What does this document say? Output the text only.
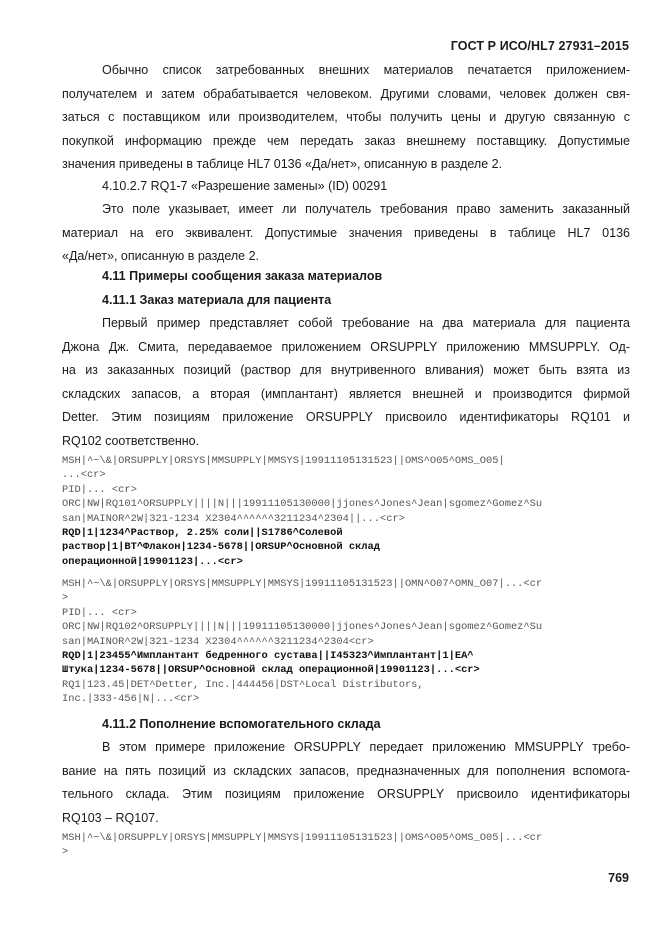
ГОСТ Р ИСО/HL7 27931–2015
Обычно список затребованных внешних материалов печатается приложением-
получателем и затем обрабатывается человеком. Другими словами, человек должен свя-
заться с поставщиком или производителем, чтобы получить цены и другую связанную с
покупкой информацию прежде чем передать заказ внешнему поставщику. Допустимые
значения приведены в таблице HL7 0136 «Да/нет», описанную в разделе 2.
4.10.2.7 RQ1-7 «Разрешение замены» (ID) 00291
Это поле указывает, имеет ли получатель требования право заменить заказанный
материал на его эквивалент. Допустимые значения приведены в таблице HL7 0136
«Да/нет», описанную в разделе 2.
4.11 Примеры сообщения заказа материалов
4.11.1 Заказ материала для пациента
Первый пример представляет собой требование на два материала для пациента
Джона Дж. Смита, передаваемое приложением ORSUPPLY приложению MMSUPPLY. Од-
на из заказанных позиций (раствор для внутривенного вливания) может быть взята из
складских запасов, а вторая (имплантант) является внешней и производится фирмой
Detter. Этим позициям приложение ORSUPPLY присвоило идентификаторы RQ101 и
RQ102 соответственно.
MSH|^~\&|ORSUPPLY|ORSYS|MMSUPPLY|MMSYS|19911105131523||OMS^O05^OMS_O05|
...<cr>
PID|... <cr>
ORC|NW|RQ101^ORSUPPLY||||N|||19911105130000|jjones^Jones^Jean|sgomez^Gomez^Su
san|MAINOR^2W|321-1234 X2304^^^^^^3211234^2304||...<cr>
RQD|1|1234^Раствор, 2.25% соли||S1786^Солевой
раствор|1|BT^Флакон|1234-5678||ORSUP^Основной склад
операционной|19901123|...<cr>
MSH|^~\&|ORSUPPLY|ORSYS|MMSUPPLY|MMSYS|19911105131523||OMN^O07^OMN_O07|...<cr
>
PID|... <cr>
ORC|NW|RQ102^ORSUPPLY||||N|||19911105130000|jjones^Jones^Jean|sgomez^Gomez^Su
san|MAINOR^2W|321-1234 X2304^^^^^^3211234^2304<cr>
RQD|1|23455^Имплантант бедренного сустава||I45323^Имплантант|1|EA^
Штука|1234-5678||ORSUP^Основной склад операционной|19901123|...<cr>
RQ1|123.45|DET^Detter, Inc.|444456|DST^Local Distributors,
Inc.|333-456|N|...<cr>
4.11.2 Пополнение вспомогательного склада
В этом примере приложение ORSUPPLY передает приложению MMSUPPLY требо-
вание на пять позиций из складских запасов, предназначенных для пополнения вспомога-
тельного склада. Этим позициям приложение ORSUPPLY присвоило идентификаторы
RQ103 – RQ107.
MSH|^~\&|ORSUPPLY|ORSYS|MMSUPPLY|MMSYS|19911105131523||OMS^O05^OMS_O05|...<cr
>
769
